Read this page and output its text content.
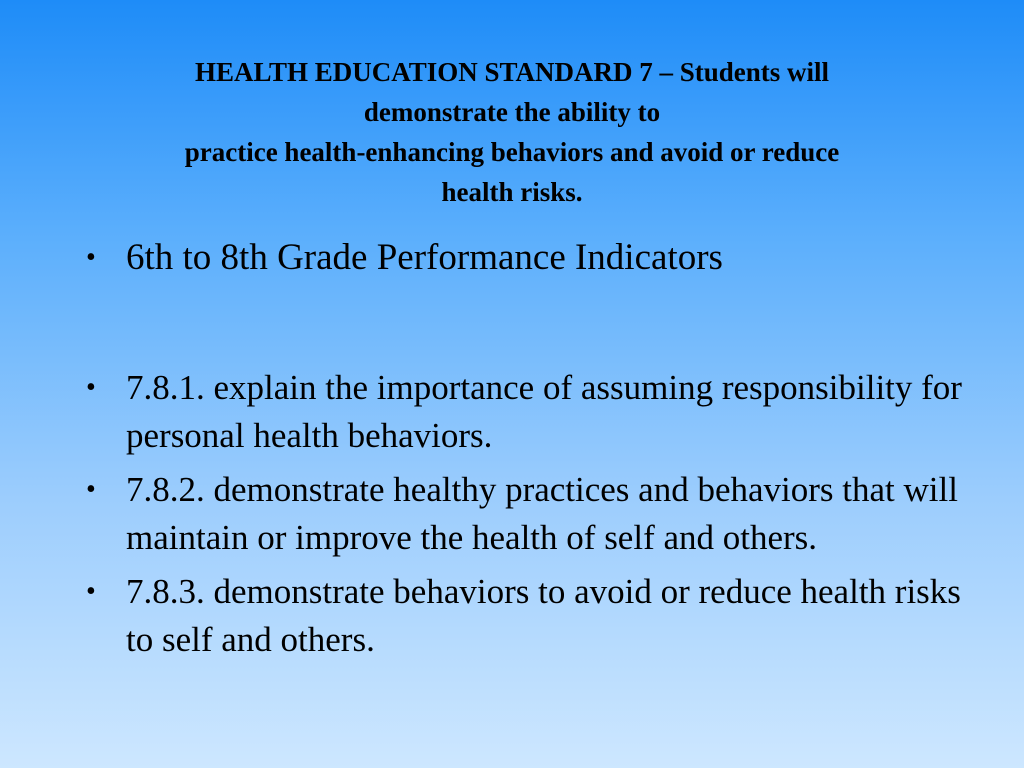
HEALTH EDUCATION STANDARD 7 – Students will
demonstrate the ability to
practice health-enhancing behaviors and avoid or reduce
health risks.
• 6th to 8th Grade Performance Indicators
• 7.8.1. explain the importance of assuming responsibility for personal health behaviors.
• 7.8.2. demonstrate healthy practices and behaviors that will maintain or improve the health of self and others.
• 7.8.3. demonstrate behaviors to avoid or reduce health risks to self and others.
